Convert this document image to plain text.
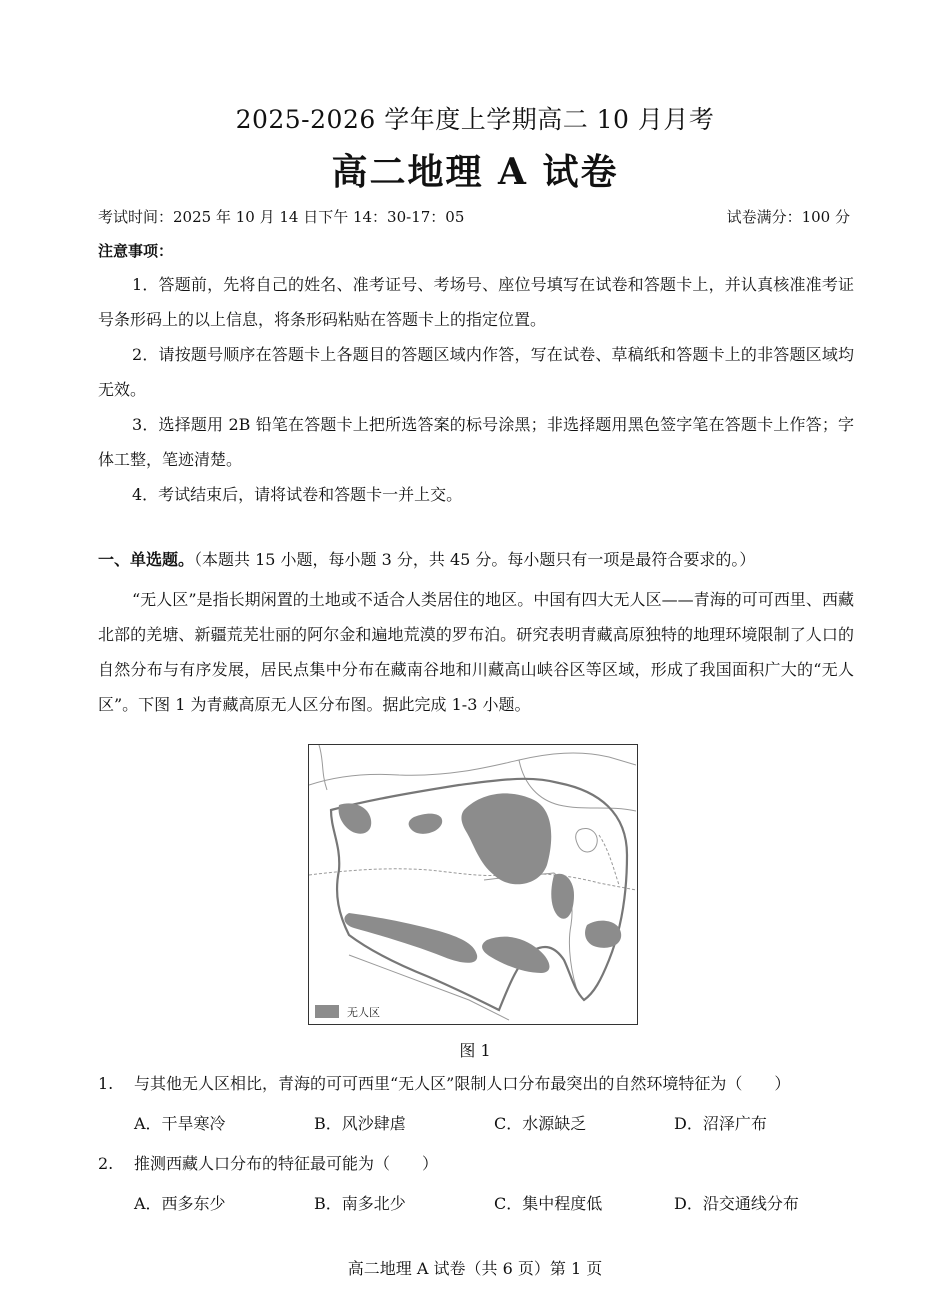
2025-2026 学年度上学期高二 10 月月考
高二地理 A 试卷
考试时间：2025 年 10 月 14 日下午 14：30-17：05	试卷满分：100 分
注意事项：

1．答题前，先将自己的姓名、准考证号、考场号、座位号填写在试卷和答题卡上，并认真核准准考证号条形码上的以上信息，将条形码粘贴在答题卡上的指定位置。

2．请按题号顺序在答题卡上各题目的答题区域内作答，写在试卷、草稿纸和答题卡上的非答题区域均无效。

3．选择题用 2B 铅笔在答题卡上把所选答案的标号涂黑；非选择题用黑色签字笔在答题卡上作答；字体工整，笔迹清楚。

4．考试结束后，请将试卷和答题卡一并上交。

一、单选题。（本题共 15 小题，每小题 3 分，共 45 分。每小题只有一项是最符合要求的。）

“无人区”是指长期闲置的土地或不适合人类居住的地区。中国有四大无人区——青海的可可西里、西藏北部的羌塘、新疆荒芜壮丽的阿尔金和遍地荒漠的罗布泊。研究表明青藏高原独特的地理环境限制了人口的自然分布与有序发展，居民点集中分布在藏南谷地和川藏高山峡谷区等区域，形成了我国面积广大的“无人区”。下图 1 为青藏高原无人区分布图。据此完成 1-3 小题。

无人区
图 1
1. 与其他无人区相比，青海的可可西里“无人区”限制人口分布最突出的自然环境特征为（　　）
A．干旱寒冷	B．风沙肆虐	C．水源缺乏	D．沼泽广布
2. 推测西藏人口分布的特征最可能为（　　）
A．西多东少	B．南多北少	C．集中程度低	D．沿交通线分布
高二地理 A 试卷（共 6 页）第 1 页
